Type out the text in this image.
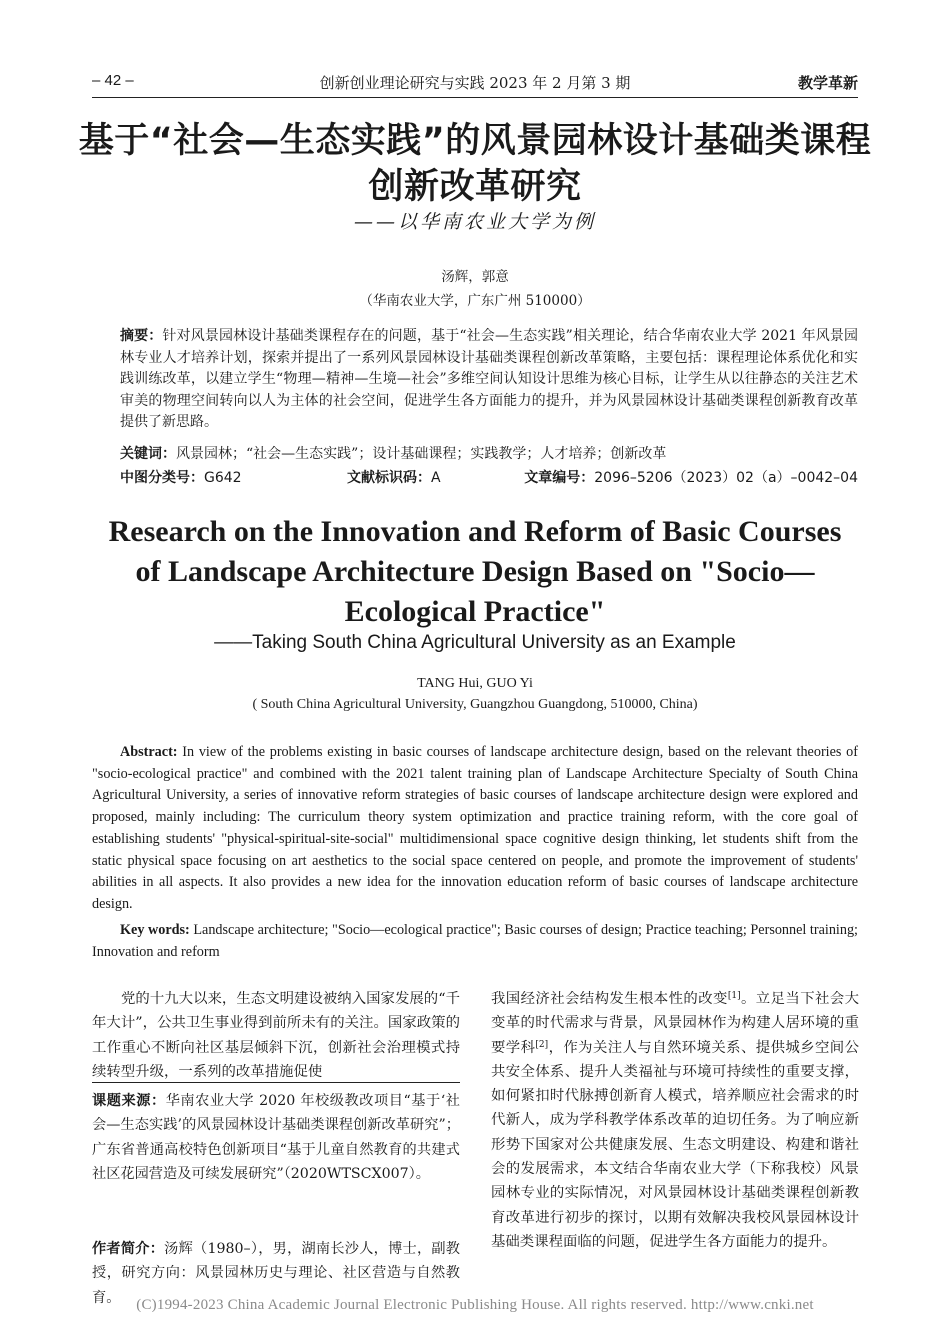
– 42 –	创新创业理论研究与实践 2023 年 2 月第 3 期	教学革新
基于“社会—生态实践”的风景园林设计基础类课程
创新改革研究
——以华南农业大学为例
汤辉，郭意
（华南农业大学，广东广州 510000）
摘要：针对风景园林设计基础类课程存在的问题，基于“社会—生态实践”相关理论，结合华南农业大学 2021 年风景园林专业人才培养计划，探索并提出了一系列风景园林设计基础类课程创新改革策略，主要包括：课程理论体系优化和实践训练改革，以建立学生“物理—精神—生境—社会”多维空间认知设计思维为核心目标，让学生从以往静态的关注艺术审美的物理空间转向以人为主体的社会空间，促进学生各方面能力的提升，并为风景园林设计基础类课程创新教育改革提供了新思路。
关键词：风景园林；“社会—生态实践”；设计基础课程；实践教学；人才培养；创新改革
中图分类号：G642	文献标识码：A	文章编号：2096–5206（2023）02（a）–0042–04
Research on the Innovation and Reform of Basic Courses
of Landscape Architecture Design Based on "Socio—
Ecological Practice"
——Taking South China Agricultural University as an Example
TANG Hui, GUO Yi
( South China Agricultural University, Guangzhou Guangdong, 510000, China)
Abstract: In view of the problems existing in basic courses of landscape architecture design, based on the relevant theories of "socio-ecological practice" and combined with the 2021 talent training plan of Landscape Architecture Specialty of South China Agricultural University, a series of innovative reform strategies of basic courses of landscape architecture design were explored and proposed, mainly including: The curriculum theory system optimization and practice training reform, with the core goal of establishing students' "physical-spiritual-site-social" multidimensional space cognitive design thinking, let students shift from the static physical space focusing on art aesthetics to the social space centered on people, and promote the improvement of students' abilities in all aspects. It also provides a new idea for the innovation education reform of basic courses of landscape architecture design.
Key words: Landscape architecture; "Socio—ecological practice"; Basic courses of design; Practice teaching; Personnel training; Innovation and reform

党的十九大以来，生态文明建设被纳入国家发展的“千年大计”，公共卫生事业得到前所未有的关注。国家政策的工作重心不断向社区基层倾斜下沉，创新社会治理模式持续转型升级，一系列的改革措施促使

课题来源：华南农业大学 2020 年校级教改项目“基于‘社会—生态实践’的风景园林设计基础类课程创新改革研究”；广东省普通高校特色创新项目“基于儿童自然教育的共建式社区花园营造及可续发展研究”（2020WTSCX007）。
作者简介：汤辉（1980–），男，湖南长沙人，博士，副教授，研究方向：风景园林历史与理论、社区营造与自然教育。

我国经济社会结构发生根本性的改变[1]。立足当下社会大变革的时代需求与背景，风景园林作为构建人居环境的重要学科[2]，作为关注人与自然环境关系、提供城乡空间公共安全体系、提升人类福祉与环境可持续性的重要支撑，如何紧扣时代脉搏创新育人模式，培养顺应社会需求的时代新人，成为学科教学体系改革的迫切任务。为了响应新形势下国家对公共健康发展、生态文明建设、构建和谐社会的发展需求，本文结合华南农业大学（下称我校）风景园林专业的实际情况，对风景园林设计基础类课程创新教育改革进行初步的探讨，以期有效解决我校风景园林设计基础类课程面临的问题，促进学生各方面能力的提升。

(C)1994-2023 China Academic Journal Electronic Publishing House. All rights reserved. http://www.cnki.net
